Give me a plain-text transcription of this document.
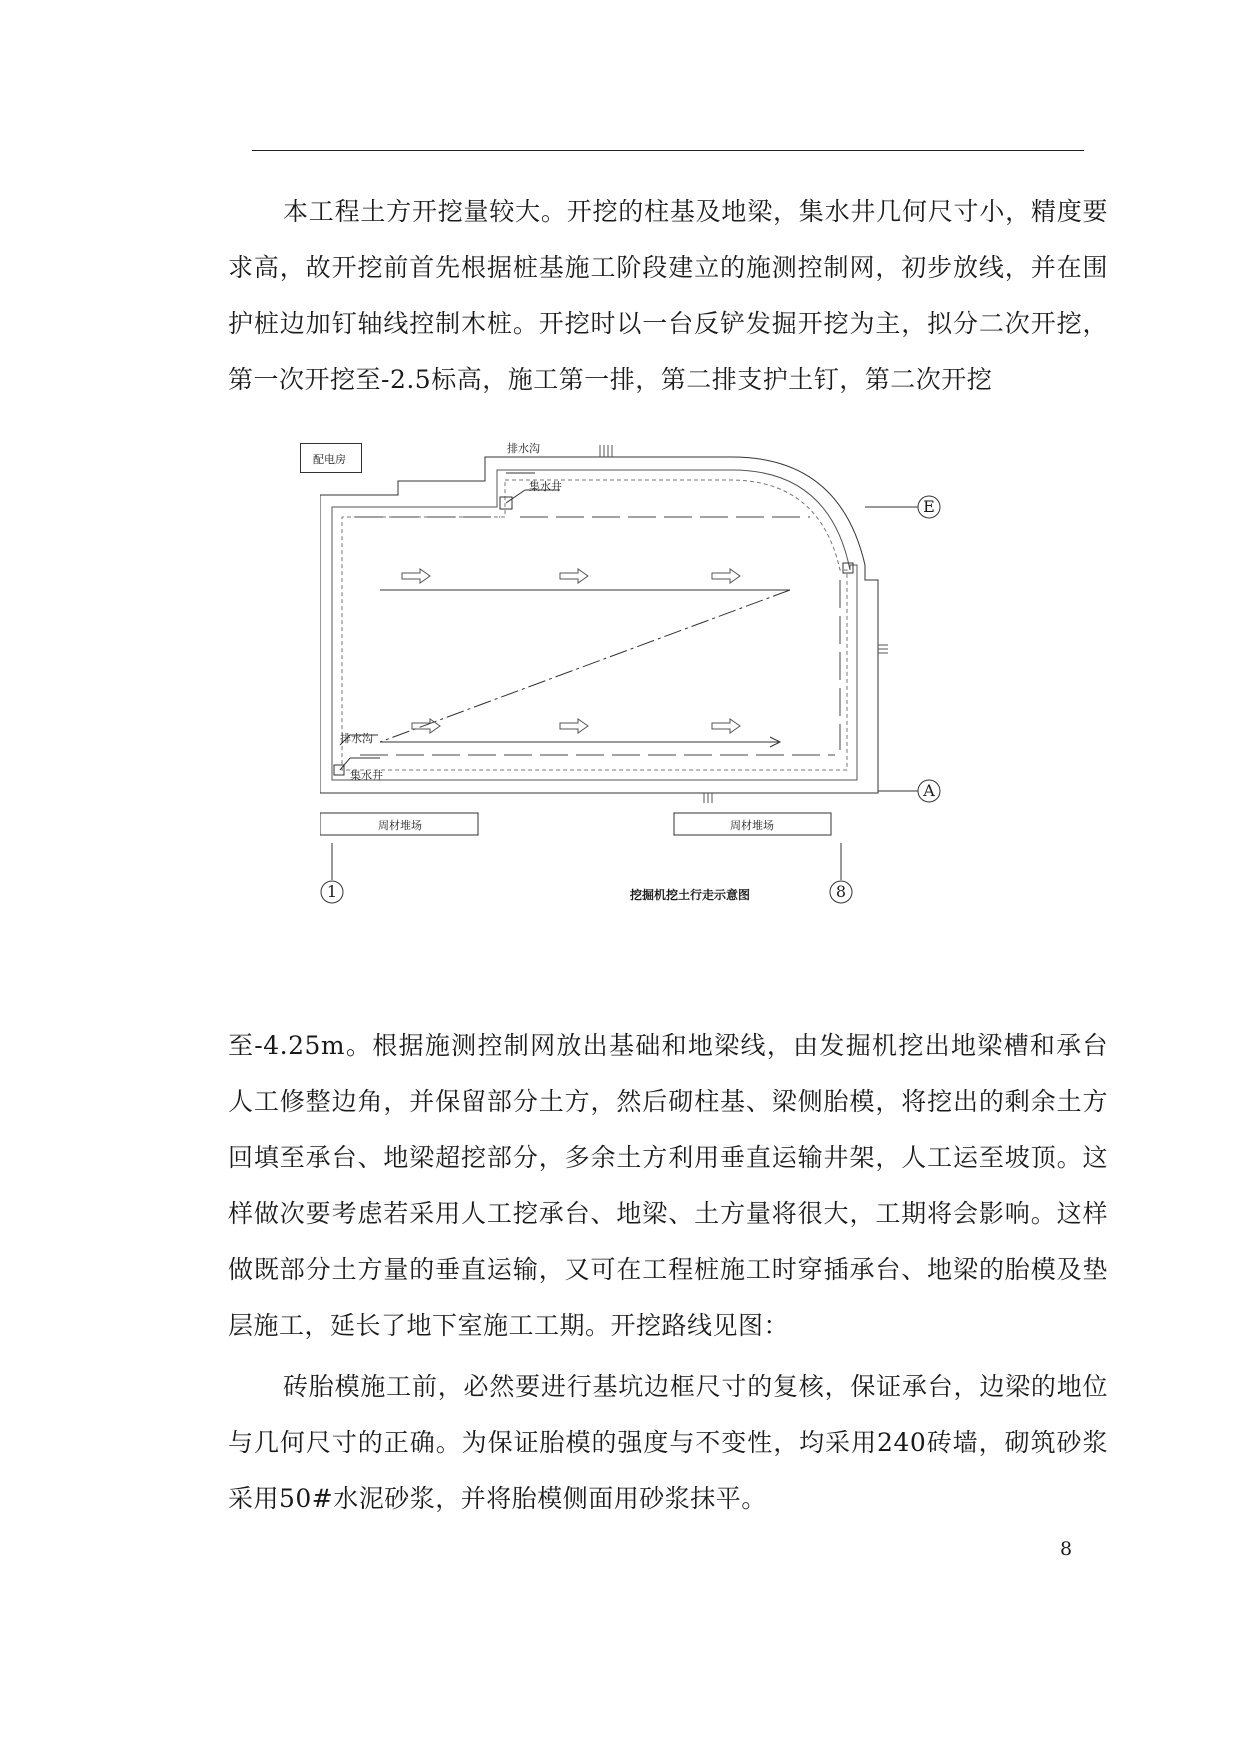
本工程土方开挖量较大。开挖的柱基及地梁，集水井几何尺寸小，精度要求高，故开挖前首先根据桩基施工阶段建立的施测控制网，初步放线，并在围护桩边加钉轴线控制木桩。开挖时以一台反铲发掘开挖为主，拟分二次开挖，第一次开挖至-2.5标高，施工第一排，第二排支护土钉，第二次开挖

配电房
排水沟
集水井
排水沟
集水井
周材堆场	周材堆场
E
A
1	8
挖掘机挖土行走示意图

至-4.25m。根据施测控制网放出基础和地梁线，由发掘机挖出地梁槽和承台人工修整边角，并保留部分土方，然后砌柱基、梁侧胎模，将挖出的剩余土方回填至承台、地梁超挖部分，多余土方利用垂直运输井架，人工运至坡顶。这样做次要考虑若采用人工挖承台、地梁、土方量将很大，工期将会影响。这样做既部分土方量的垂直运输，又可在工程桩施工时穿插承台、地梁的胎模及垫层施工，延长了地下室施工工期。开挖路线见图：

砖胎模施工前，必然要进行基坑边框尺寸的复核，保证承台，边梁的地位与几何尺寸的正确。为保证胎模的强度与不变性，均采用240砖墙，砌筑砂浆采用50#水泥砂浆，并将胎模侧面用砂浆抹平。

8
